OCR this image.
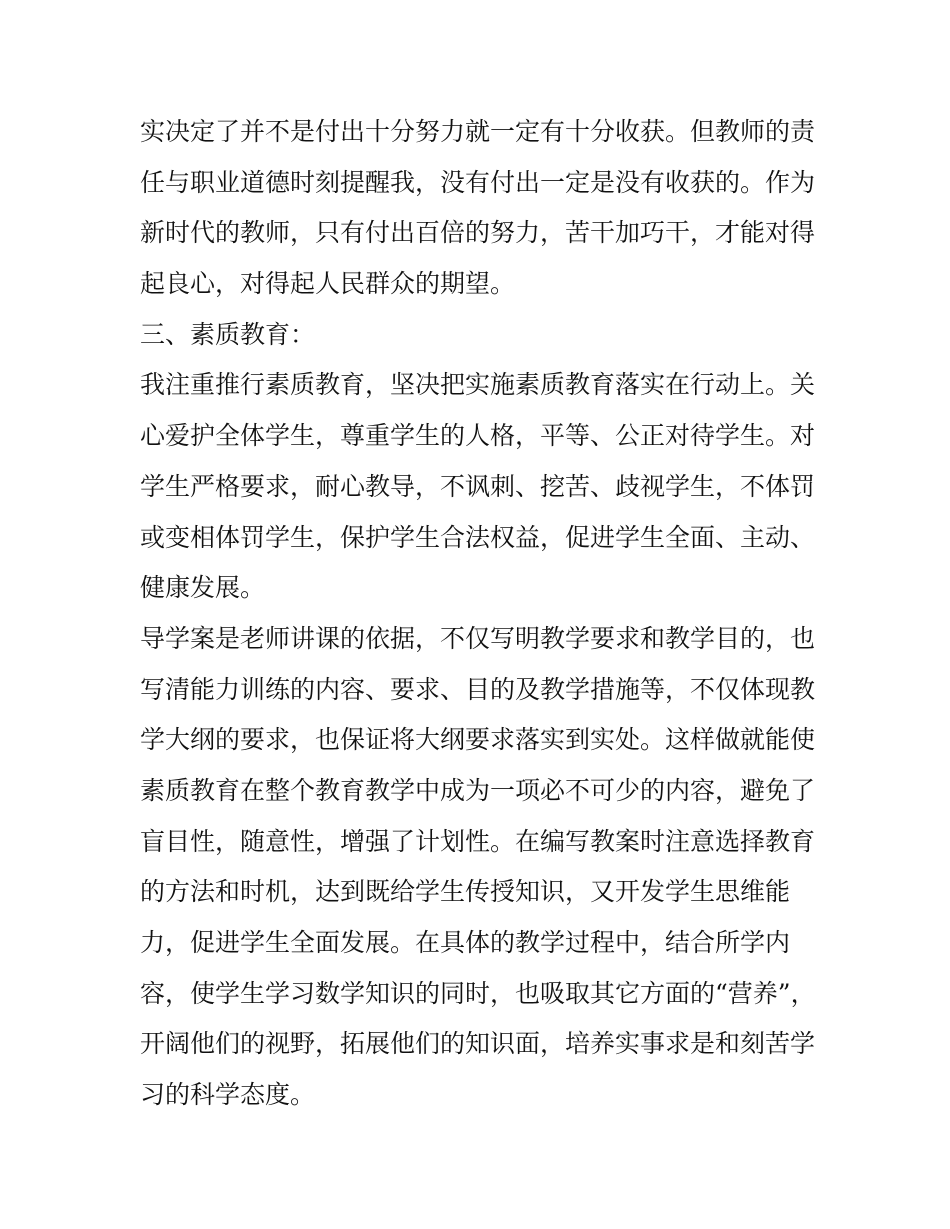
实决定了并不是付出十分努力就一定有十分收获。但教师的责
任与职业道德时刻提醒我，没有付出一定是没有收获的。作为
新时代的教师，只有付出百倍的努力，苦干加巧干，才能对得
起良心，对得起人民群众的期望。
三、素质教育：
我注重推行素质教育，坚决把实施素质教育落实在行动上。关
心爱护全体学生，尊重学生的人格，平等、公正对待学生。对
学生严格要求，耐心教导，不讽刺、挖苦、歧视学生，不体罚
或变相体罚学生，保护学生合法权益，促进学生全面、主动、
健康发展。
导学案是老师讲课的依据，不仅写明教学要求和教学目的，也
写清能力训练的内容、要求、目的及教学措施等，不仅体现教
学大纲的要求，也保证将大纲要求落实到实处。这样做就能使
素质教育在整个教育教学中成为一项必不可少的内容，避免了
盲目性，随意性，增强了计划性。在编写教案时注意选择教育
的方法和时机，达到既给学生传授知识，又开发学生思维能
力，促进学生全面发展。在具体的教学过程中，结合所学内
容，使学生学习数学知识的同时，也吸取其它方面的“营养”，
开阔他们的视野，拓展他们的知识面，培养实事求是和刻苦学
习的科学态度。
